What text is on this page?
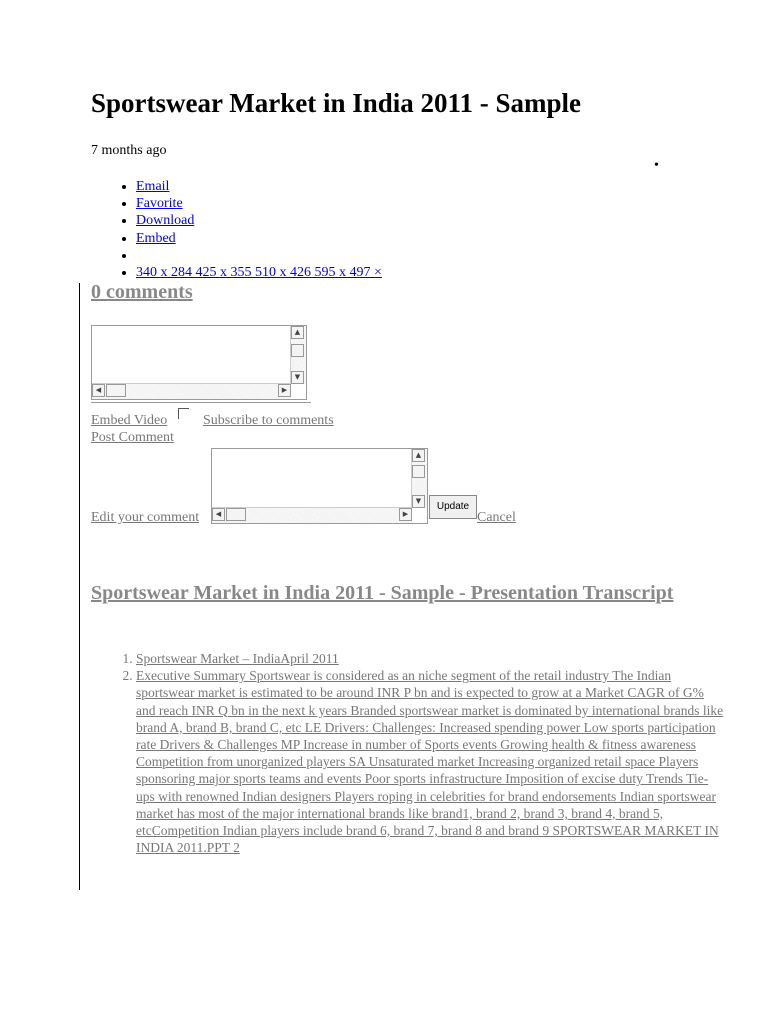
Sportswear Market in India 2011 - Sample
7 months ago
•
• Email
• Favorite
• Download
• Embed
•
• 340 x 284 425 x 355 510 x 426 595 x 497 ×
0 comments
▲
▼
◀	▶
Embed Video	Subscribe to comments
Post Comment
Edit your comment
▲
▼
◀	▶
Update
Cancel
Sportswear Market in India 2011 - Sample - Presentation Transcript
1. Sportswear Market – IndiaApril 2011
2. Executive Summary Sportswear is considered as an niche segment of the retail industry The Indian sportswear market is estimated to be around INR P bn and is expected to grow at a Market CAGR of G% and reach INR Q bn in the next k years Branded sportswear market is dominated by international brands like brand A, brand B, brand C, etc LE Drivers: Challenges: Increased spending power Low sports participation rate Drivers & Challenges MP Increase in number of Sports events Growing health & fitness awareness Competition from unorganized players SA Unsaturated market Increasing organized retail space Players sponsoring major sports teams and events Poor sports infrastructure Imposition of excise duty Trends Tie-ups with renowned Indian designers Players roping in celebrities for brand endorsements Indian sportswear market has most of the major international brands like brand1, brand 2, brand 3, brand 4, brand 5, etcCompetition Indian players include brand 6, brand 7, brand 8 and brand 9 SPORTSWEAR MARKET IN INDIA 2011.PPT 2
